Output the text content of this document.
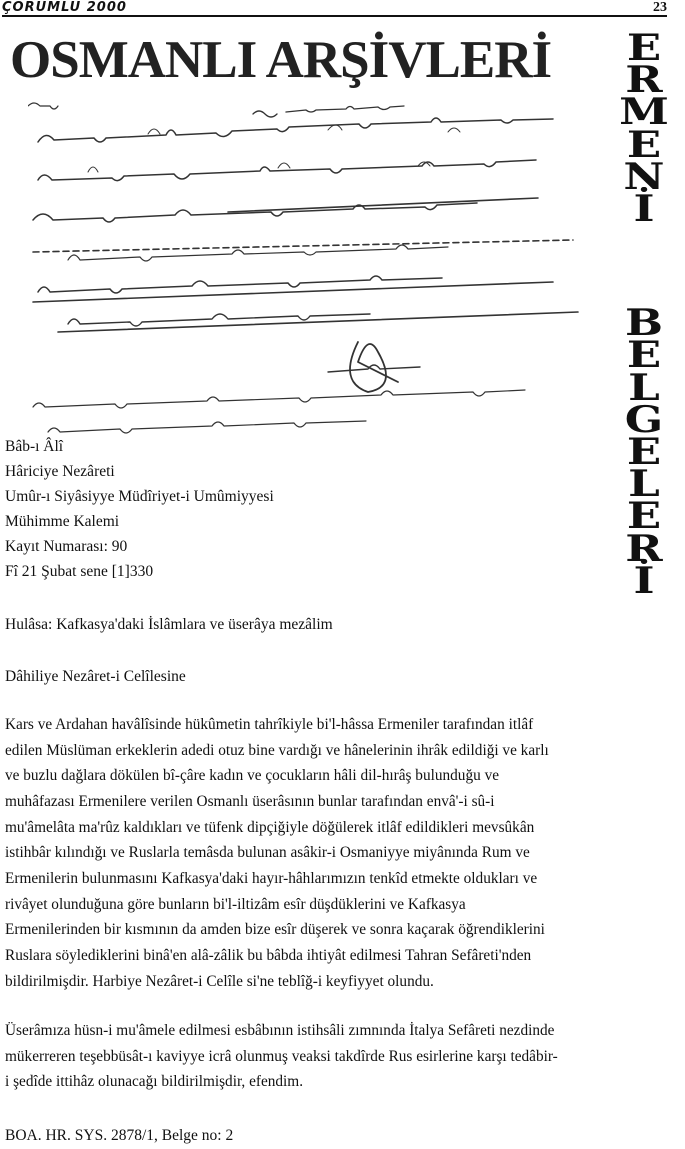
ÇORUMLU 2000	23
OSMANLI ARŞİVLERİ	E
R
M
E
N
İ
B
E
L
G
E
L
E
R
İ
Bâb-ı Âlî
Hâriciye Nezâreti
Umûr-ı Siyâsiyye Müdîriyet-i Umûmiyyesi
Mühimme Kalemi
Kayıt Numarası: 90
Fî 21 Şubat sene [1]330
Hulâsa: Kafkasya'daki İslâmlara ve üserâya mezâlim
Dâhiliye Nezâret-i Celîlesine
Kars ve Ardahan havâlîsinde hükûmetin tahrîkiyle bi'l-hâssa Ermeniler tarafından itlâf
edilen Müslüman erkeklerin adedi otuz bine vardığı ve hânelerinin ihrâk edildiği ve karlı
ve buzlu dağlara dökülen bî-çâre kadın ve çocukların hâli dil-hırâş bulunduğu ve
muhâfazası Ermenilere verilen Osmanlı üserâsının bunlar tarafından envâ'-i sû-i
mu'âmelâta ma'rûz kaldıkları ve tüfenk dipçiğiyle döğülerek itlâf edildikleri mevsûkân
istihbâr kılındığı ve Ruslarla temâsda bulunan asâkir-i Osmaniyye miyânında Rum ve
Ermenilerin bulunmasını Kafkasya'daki hayır-hâhlarımızın tenkîd etmekte oldukları ve
rivâyet olunduğuna göre bunların bi'l-iltizâm esîr düşdüklerini ve Kafkasya
Ermenilerinden bir kısmının da amden bize esîr düşerek ve sonra kaçarak öğrendiklerini
Ruslara söylediklerini binâ'en alâ-zâlik bu bâbda ihtiyât edilmesi Tahran Sefâreti'nden
bildirilmişdir. Harbiye Nezâret-i Celîle si'ne teblîğ-i keyfiyyet olundu.
Üserâmıza hüsn-i mu'âmele edilmesi esbâbının istihsâli zımnında İtalya Sefâreti nezdinde
mükerreren teşebbüsât-ı kaviyye icrâ olunmuş veaksi takdîrde Rus esirlerine karşı tedâbir-
i şedîde ittihâz olunacağı bildirilmişdir, efendim.
BOA. HR. SYS. 2878/1, Belge no: 2
